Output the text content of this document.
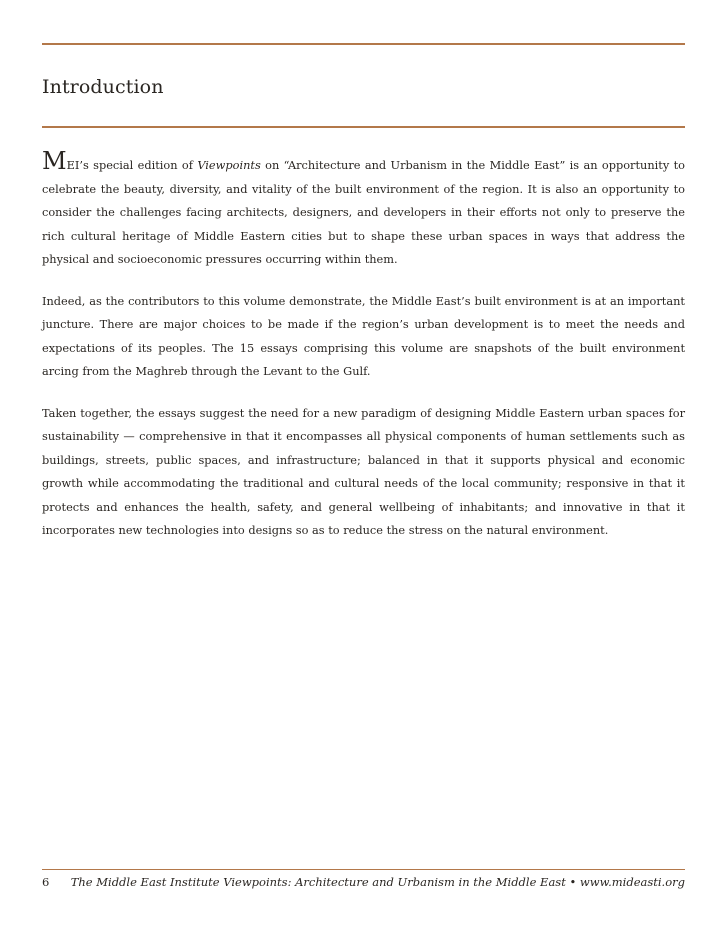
Introduction

MEI’s special edition of Viewpoints on “Architecture and Urbanism in the Middle East” is an opportunity to celebrate the beauty, diversity, and vitality of the built environment of the region. It is also an opportunity to consider the challenges facing architects, designers, and developers in their efforts not only to preserve the rich cultural heritage of Middle Eastern cities but to shape these urban spaces in ways that address the physical and socioeconomic pressures occurring within them.

Indeed, as the contributors to this volume demonstrate, the Middle East’s built environment is at an important juncture. There are major choices to be made if the region’s urban development is to meet the needs and expectations of its peoples. The 15 essays comprising this volume are snapshots of the built environment arcing from the Maghreb through the Levant to the Gulf.

Taken together, the essays suggest the need for a new paradigm of designing Middle Eastern urban spaces for sustainability — comprehensive in that it encompasses all physical components of human settlements such as buildings, streets, public spaces, and infrastructure; balanced in that it supports physical and economic growth while accommodating the traditional and cultural needs of the local community; responsive in that it protects and enhances the health, safety, and general wellbeing of inhabitants; and innovative in that it incorporates new technologies into designs so as to reduce the stress on the natural environment.

6 The Middle East Institute Viewpoints: Architecture and Urbanism in the Middle East • www.mideasti.org
